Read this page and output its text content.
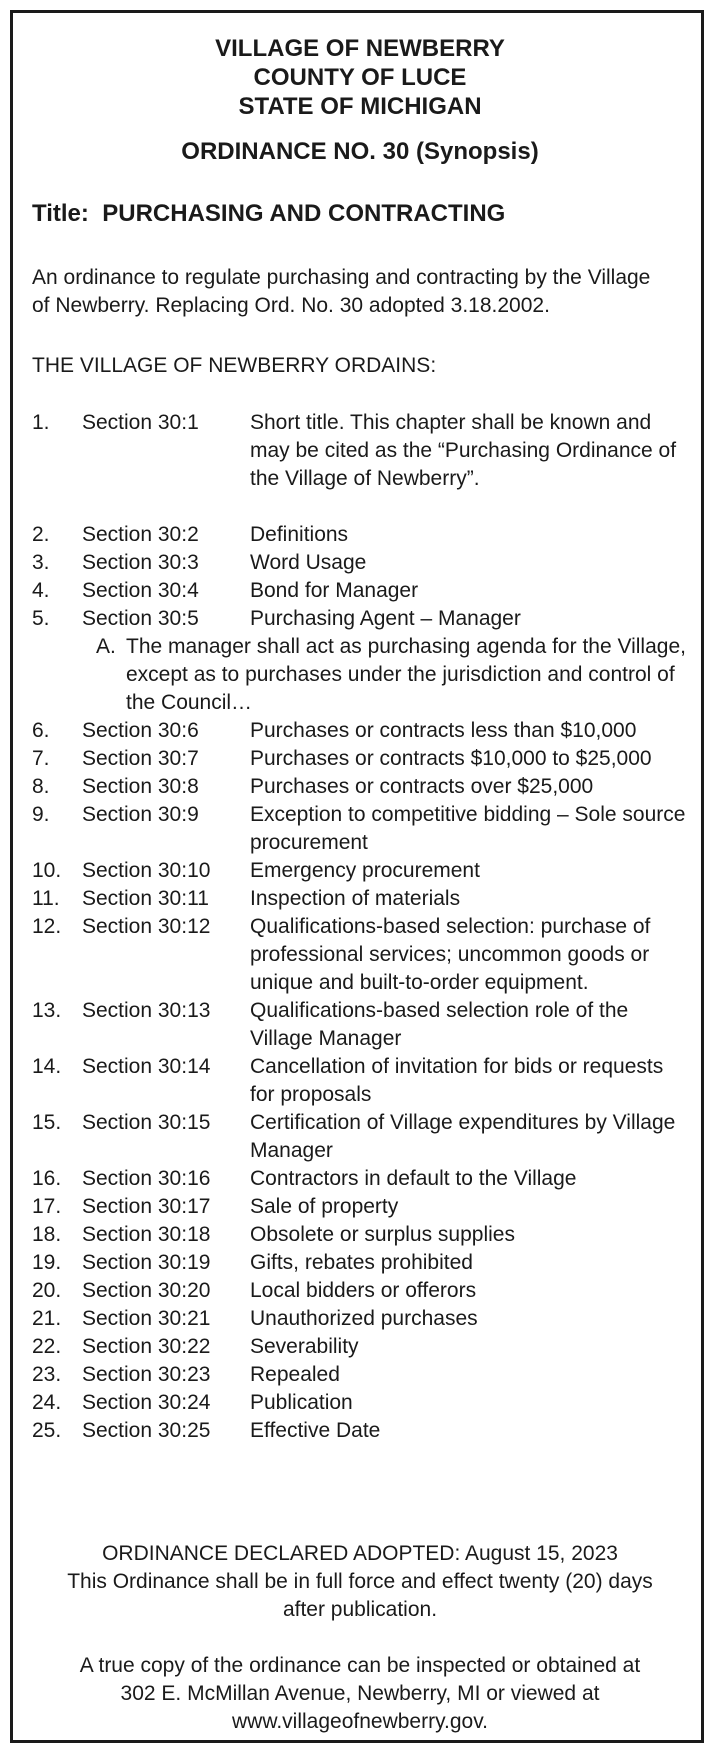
VILLAGE OF NEWBERRY
COUNTY OF LUCE
STATE OF MICHIGAN
ORDINANCE NO. 30 (Synopsis)
Title:  PURCHASING AND CONTRACTING
An ordinance to regulate purchasing and contracting by the Village of Newberry. Replacing Ord. No. 30 adopted 3.18.2002.
THE VILLAGE OF NEWBERRY ORDAINS:
1.	Section 30:1	Short title. This chapter shall be known and may be cited as the “Purchasing Ordinance of the Village of Newberry”.
2.	Section 30:2	Definitions
3.	Section 30:3	Word Usage
4.	Section 30:4	Bond for Manager
5.	Section 30:5	Purchasing Agent – Manager
A. The manager shall act as purchasing agenda for the Village, except as to purchases under the jurisdiction and control of the Council…
6.	Section 30:6	Purchases or contracts less than $10,000
7.	Section 30:7	Purchases or contracts $10,000 to $25,000
8.	Section 30:8	Purchases or contracts over $25,000
9.	Section 30:9	Exception to competitive bidding – Sole source procurement
10. Section 30:10	Emergency procurement
11.	Section 30:11	Inspection of materials
12. Section 30:12	Qualifications-based selection: purchase of professional services; uncommon goods or unique and built-to-order equipment.
13. Section 30:13	Qualifications-based selection role of the Village Manager
14. Section 30:14	Cancellation of invitation for bids or requests for proposals
15. Section 30:15	Certification of Village expenditures by Village Manager
16. Section 30:16	Contractors in default to the Village
17. Section 30:17	Sale of property
18. Section 30:18	Obsolete or surplus supplies
19. Section 30:19	Gifts, rebates prohibited
20. Section 30:20	Local bidders or offerors
21. Section 30:21	Unauthorized purchases
22. Section 30:22	Severability
23. Section 30:23	Repealed
24. Section 30:24	Publication
25. Section 30:25	Effective Date
ORDINANCE DECLARED ADOPTED: August 15, 2023
This Ordinance shall be in full force and effect twenty (20) days after publication.
A true copy of the ordinance can be inspected or obtained at 302 E. McMillan Avenue, Newberry, MI or viewed at www.villageofnewberry.gov.
